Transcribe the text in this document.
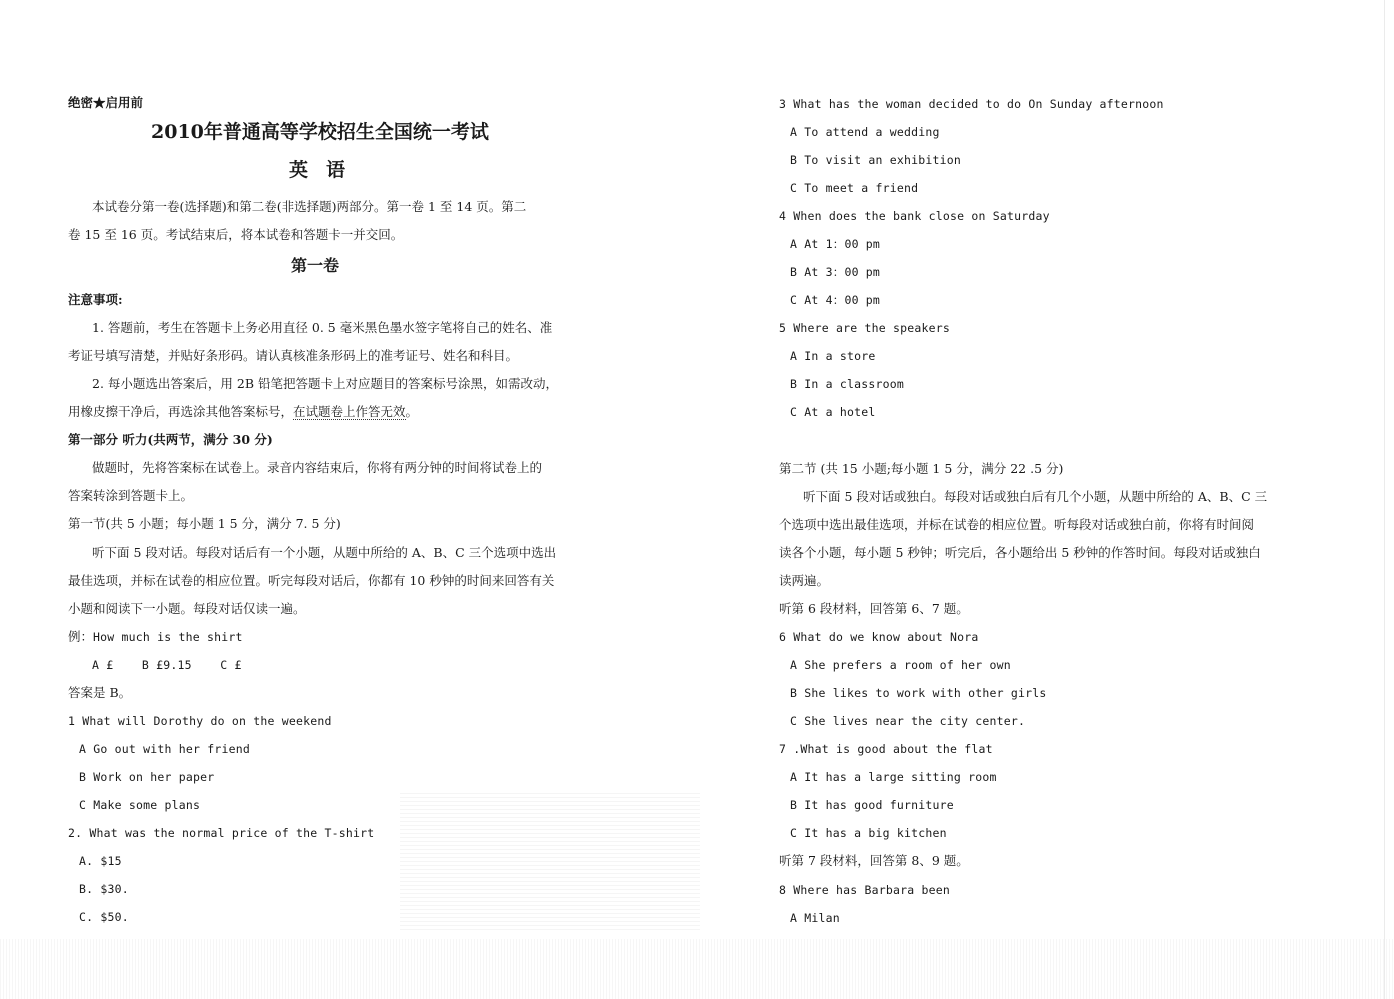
绝密★启用前
2010年普通高等学校招生全国统一考试
英语
本试卷分第一卷(选择题)和第二卷(非选择题)两部分。第一卷 1 至 14 页。第二
卷 15 至 16 页。考试结束后，将本试卷和答题卡一并交回。
第一卷
注意事项:
1. 答题前，考生在答题卡上务必用直径 0. 5 毫米黑色墨水签字笔将自己的姓名、准
考证号填写清楚，并贴好条形码。请认真核准条形码上的准考证号、姓名和科目。
2. 每小题选出答案后，用 2B 铅笔把答题卡上对应题目的答案标号涂黑，如需改动，
用橡皮擦干净后，再选涂其他答案标号，在试题卷上作答无效。
第一部分 听力(共两节，满分 30 分)
做题时，先将答案标在试卷上。录音内容结束后，你将有两分钟的时间将试卷上的
答案转涂到答题卡上。
第一节(共 5 小题；每小题 1 5 分，满分 7. 5 分)
听下面 5 段对话。每段对话后有一个小题，从题中所给的 A、B、C 三个选项中选出
最佳选项，并标在试卷的相应位置。听完每段对话后，你都有 10 秒钟的时间来回答有关
小题和阅读下一小题。每段对话仅读一遍。
例：How much is the shirt
A £    B £9.15    C £
答案是 B。
1 What will Dorothy do on the weekend
A Go out with her friend
B Work on her paper
C Make some plans
2. What was the normal price of the T-shirt
A. $15
B. $30.
C. $50.
3 What has the woman decided to do On Sunday afternoon
A To attend a wedding
B To visit an exhibition
C To meet a friend
4 When does the bank close on Saturday
A At 1：00 pm
B At 3：00 pm
C At 4：00 pm
5 Where are the speakers
A In a store
B In a classroom
C At a hotel
第二节 (共 15 小题;每小题 1 5 分，满分 22 .5 分)
听下面 5 段对话或独白。每段对话或独白后有几个小题，从题中所给的 A、B、C 三
个选项中选出最佳选项，并标在试卷的相应位置。听每段对话或独白前，你将有时间阅
读各个小题，每小题 5 秒钟；听完后，各小题给出 5 秒钟的作答时间。每段对话或独白
读两遍。
听第 6 段材料，回答第 6、7 题。
6 What do we know about Nora
A She prefers a room of her own
B She likes to work with other girls
C She lives near the city center.
7 .What is good about the flat
A It has a large sitting room
B It has good furniture
C It has a big kitchen
听第 7 段材料，回答第 8、9 题。
8 Where has Barbara been
A Milan
